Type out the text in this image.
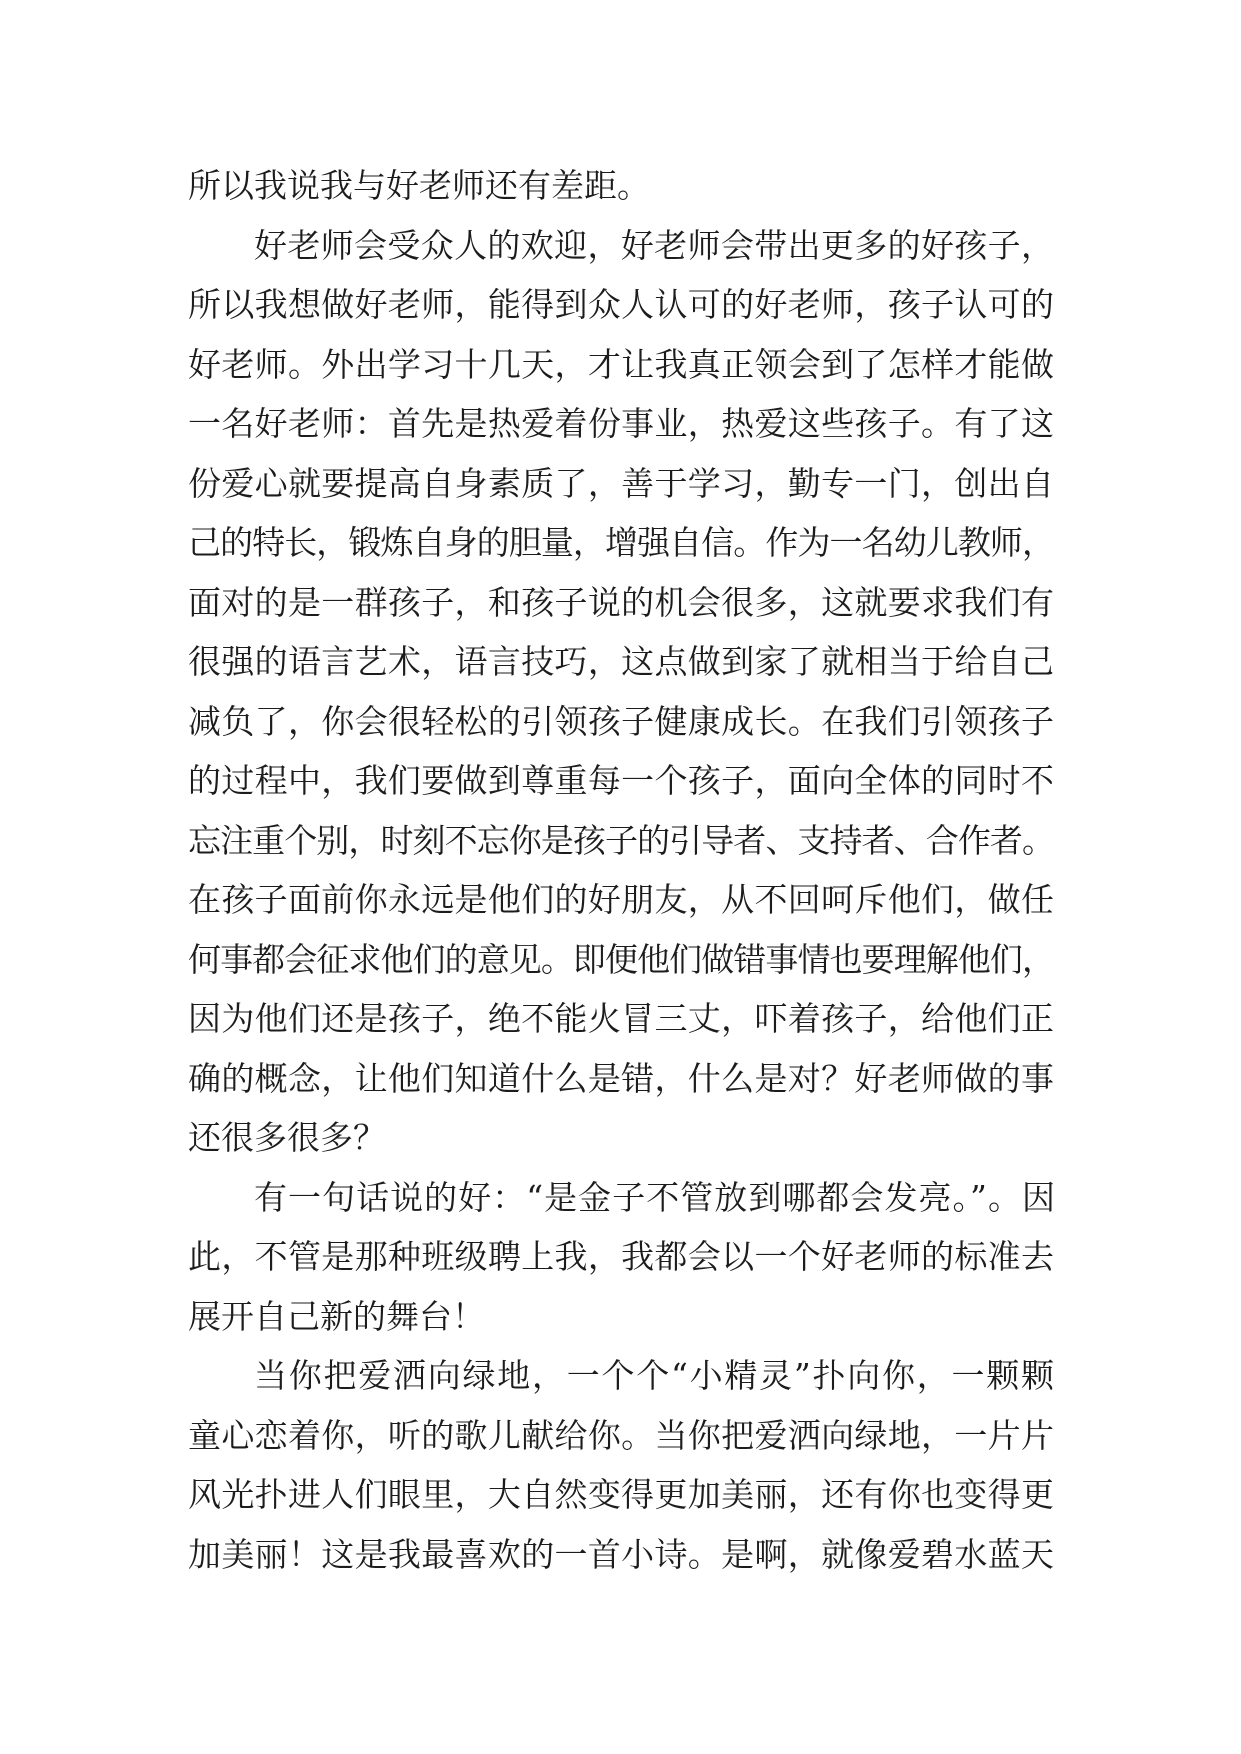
所以我说我与好老师还有差距。
好老师会受众人的欢迎，好老师会带出更多的好孩子，
所以我想做好老师，能得到众人认可的好老师，孩子认可的
好老师。外出学习十几天，才让我真正领会到了怎样才能做
一名好老师：首先是热爱着份事业，热爱这些孩子。有了这
份爱心就要提高自身素质了，善于学习，勤专一门，创出自
己的特长，锻炼自身的胆量，增强自信。作为一名幼儿教师，
面对的是一群孩子，和孩子说的机会很多，这就要求我们有
很强的语言艺术，语言技巧，这点做到家了就相当于给自己
减负了，你会很轻松的引领孩子健康成长。在我们引领孩子
的过程中，我们要做到尊重每一个孩子，面向全体的同时不
忘注重个别，时刻不忘你是孩子的引导者、支持者、合作者。
在孩子面前你永远是他们的好朋友，从不回呵斥他们，做任
何事都会征求他们的意见。即便他们做错事情也要理解他们，
因为他们还是孩子，绝不能火冒三丈，吓着孩子，给他们正
确的概念，让他们知道什么是错，什么是对？好老师做的事
还很多很多？
有一句话说的好：“是金子不管放到哪都会发亮。”。因
此，不管是那种班级聘上我，我都会以一个好老师的标准去
展开自己新的舞台！
当你把爱洒向绿地，一个个“小精灵”扑向你，一颗颗
童心恋着你，听的歌儿献给你。当你把爱洒向绿地，一片片
风光扑进人们眼里，大自然变得更加美丽，还有你也变得更
加美丽！这是我最喜欢的一首小诗。是啊，就像爱碧水蓝天
